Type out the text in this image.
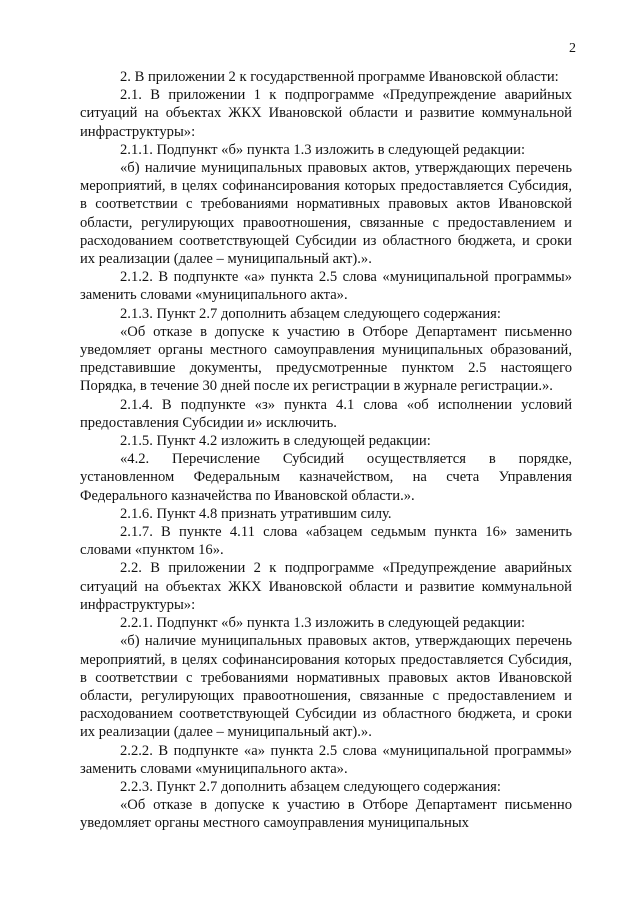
2

2. В приложении 2 к государственной программе Ивановской области:

2.1. В приложении 1 к подпрограмме «Предупреждение аварийных ситуаций на объектах ЖКХ Ивановской области и развитие коммунальной инфраструктуры»:

2.1.1. Подпункт «б» пункта 1.3 изложить в следующей редакции:

«б) наличие муниципальных правовых актов, утверждающих перечень мероприятий, в целях софинансирования которых предоставляется Субсидия, в соответствии с требованиями нормативных правовых актов Ивановской области, регулирующих правоотношения, связанные с предоставлением и расходованием соответствующей Субсидии из областного бюджета, и сроки их реализации (далее – муниципальный акт).».

2.1.2. В подпункте «а» пункта 2.5 слова «муниципальной программы» заменить словами «муниципального акта».

2.1.3. Пункт 2.7 дополнить абзацем следующего содержания:

«Об отказе в допуске к участию в Отборе Департамент письменно уведомляет органы местного самоуправления муниципальных образований, представившие документы, предусмотренные пунктом 2.5 настоящего Порядка, в течение 30 дней после их регистрации в журнале регистрации.».

2.1.4. В подпункте «з» пункта 4.1 слова «об исполнении условий предоставления Субсидии и» исключить.

2.1.5. Пункт 4.2 изложить в следующей редакции:

«4.2. Перечисление Субсидий осуществляется в порядке, установленном Федеральным казначейством, на счета Управления Федерального казначейства по Ивановской области.».

2.1.6. Пункт 4.8 признать утратившим силу.

2.1.7. В пункте 4.11 слова «абзацем седьмым пункта 16» заменить словами «пунктом 16».

2.2. В приложении 2 к подпрограмме «Предупреждение аварийных ситуаций на объектах ЖКХ Ивановской области и развитие коммунальной инфраструктуры»:

2.2.1. Подпункт «б» пункта 1.3 изложить в следующей редакции:

«б) наличие муниципальных правовых актов, утверждающих перечень мероприятий, в целях софинансирования которых предоставляется Субсидия, в соответствии с требованиями нормативных правовых актов Ивановской области, регулирующих правоотношения, связанные с предоставлением и расходованием соответствующей Субсидии из областного бюджета, и сроки их реализации (далее – муниципальный акт).».

2.2.2. В подпункте «а» пункта 2.5 слова «муниципальной программы» заменить словами «муниципального акта».

2.2.3. Пункт 2.7 дополнить абзацем следующего содержания:

«Об отказе в допуске к участию в Отборе Департамент письменно уведомляет органы местного самоуправления муниципальных
